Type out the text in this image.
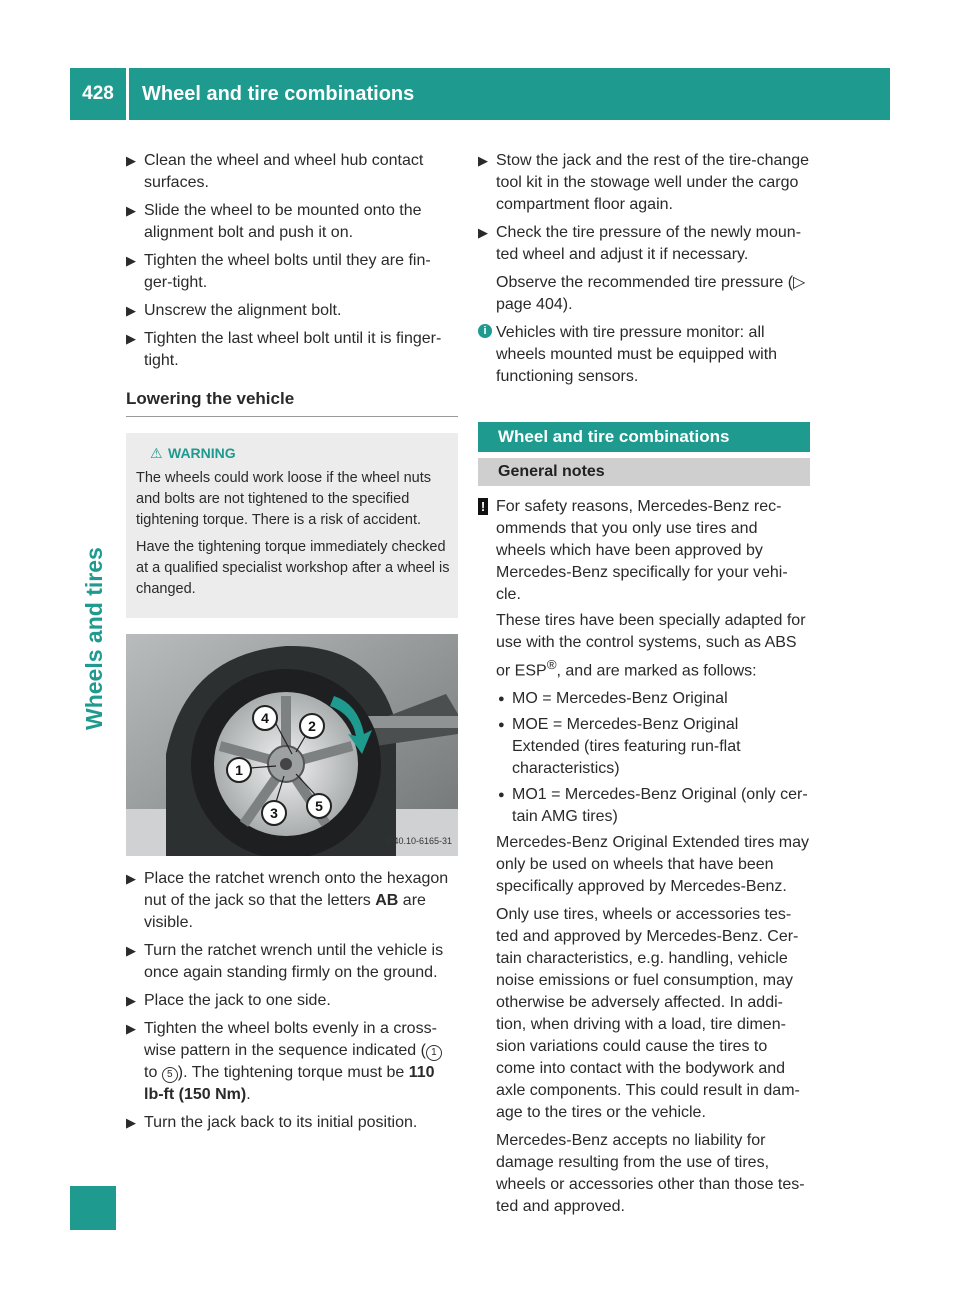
428	Wheel and tire combinations
Wheels and tires
▶ Clean the wheel and wheel hub contact surfaces.
▶ Slide the wheel to be mounted onto the alignment bolt and push it on.
▶ Tighten the wheel bolts until they are fin-ger-tight.
▶ Unscrew the alignment bolt.
▶ Tighten the last wheel bolt until it is finger-tight.
Lowering the vehicle
⚠ WARNING

The wheels could work loose if the wheel nuts and bolts are not tightened to the specified tightening torque. There is a risk of accident.

Have the tightening torque immediately checked at a qualified specialist workshop after a wheel is changed.

4	2
1
3	5
P40.10-6165-31
▶ Place the ratchet wrench onto the hexagon nut of the jack so that the letters AB are visible.
▶ Turn the ratchet wrench until the vehicle is once again standing firmly on the ground.
▶ Place the jack to one side.
▶ Tighten the wheel bolts evenly in a cross-wise pattern in the sequence indicated ( 1 to 5 ). The tightening torque must be 110 lb-ft (150 Nm).
▶ Turn the jack back to its initial position.
▶ Stow the jack and the rest of the tire-change tool kit in the stowage well under the cargo compartment floor again.
▶ Check the tire pressure of the newly moun-ted wheel and adjust it if necessary.
Observe the recommended tire pressure (▷ page 404).
i Vehicles with tire pressure monitor: all wheels mounted must be equipped with functioning sensors.
Wheel and tire combinations
General notes
! For safety reasons, Mercedes-Benz rec-ommends that you only use tires and wheels which have been approved by Mercedes-Benz specifically for your vehi-cle.
These tires have been specially adapted for use with the control systems, such as ABS or ESP®, and are marked as follows:
● MO = Mercedes-Benz Original
● MOE = Mercedes-Benz Original Extended (tires featuring run-flat characteristics)
● MO1 = Mercedes-Benz Original (only cer-tain AMG tires)
Mercedes-Benz Original Extended tires may only be used on wheels that have been specifically approved by Mercedes-Benz.
Only use tires, wheels or accessories tes-ted and approved by Mercedes-Benz. Cer-tain characteristics, e.g. handling, vehicle noise emissions or fuel consumption, may otherwise be adversely affected. In addi-tion, when driving with a load, tire dimen-sion variations could cause the tires to come into contact with the bodywork and axle components. This could result in dam-age to the tires or the vehicle.
Mercedes-Benz accepts no liability for damage resulting from the use of tires, wheels or accessories other than those tes-ted and approved.
